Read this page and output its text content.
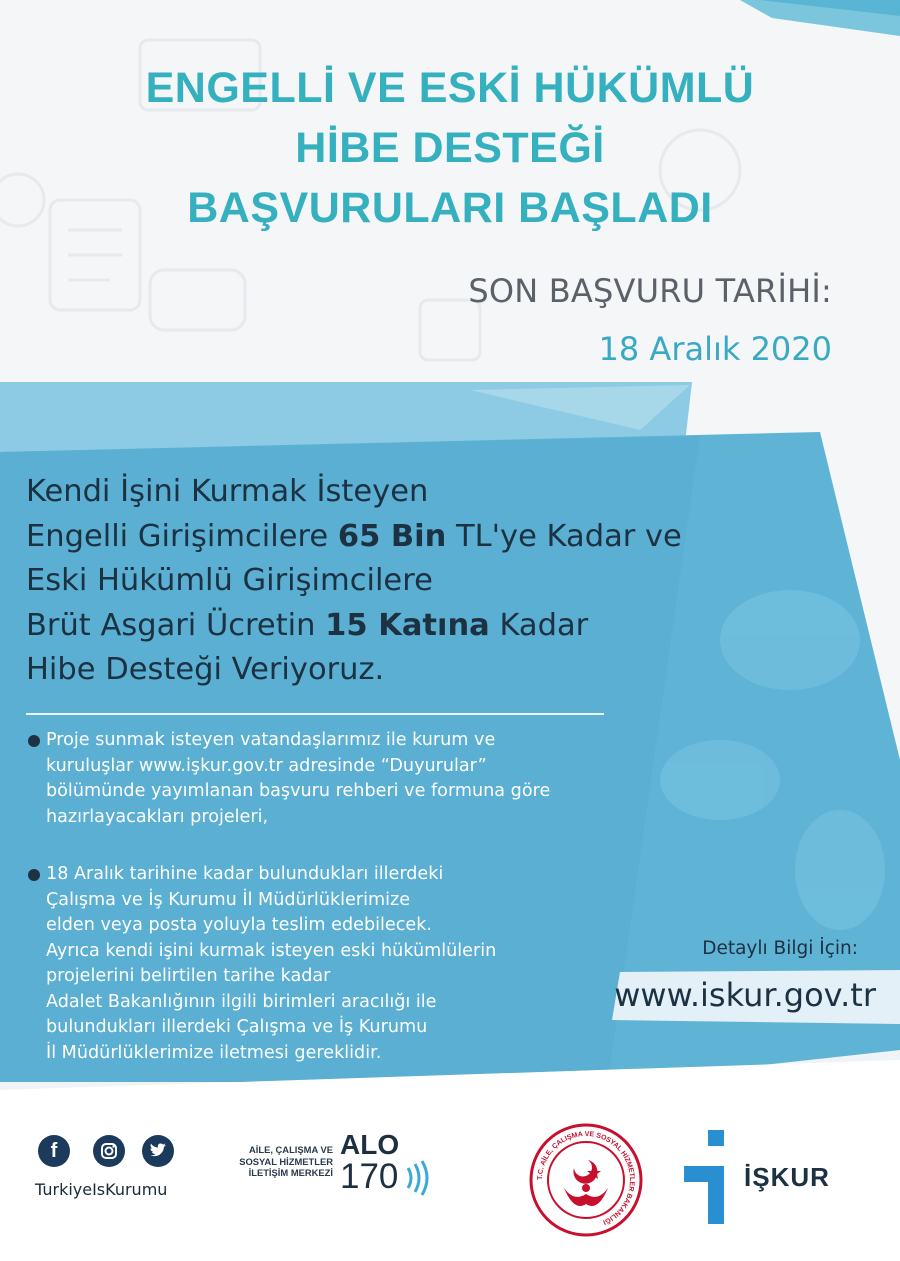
ENGELLİ VE ESKİ HÜKÜMLÜ
HİBE DESTEĞİ
BAŞVURULARI BAŞLADI
SON BAŞVURU TARİHİ:
18 Aralık 2020
Kendi İşini Kurmak İsteyen
Engelli Girişimcilere 65 Bin TL'ye Kadar ve
Eski Hükümlü Girişimcilere
Brüt Asgari Ücretin 15 Katına Kadar
Hibe Desteği Veriyoruz.
Proje sunmak isteyen vatandaşlarımız ile kurum ve
kuruluşlar www.işkur.gov.tr adresinde “Duyurular”
bölümünde yayımlanan başvuru rehberi ve formuna göre
hazırlayacakları projeleri,
18 Aralık tarihine kadar bulundukları illerdeki
Çalışma ve İş Kurumu İl Müdürlüklerimize
elden veya posta yoluyla teslim edebilecek.
Ayrıca kendi işini kurmak isteyen eski hükümlülerin
projelerini belirtilen tarihe kadar
Adalet Bakanlığının ilgili birimleri aracılığı ile
bulundukları illerdeki Çalışma ve İş Kurumu
İl Müdürlüklerimize iletmesi gereklidir.
Detaylı Bilgi İçin:
www.iskur.gov.tr
f
TurkiyeIsKurumu
AİLE, ÇALIŞMA VE
SOSYAL HİZMETLER
İLETİŞİM MERKEZİ
ALO
170	T.C. AİLE, ÇALIŞMA VE SOSYAL HİZMETLER BAKANLIĞI
İŞKUR
